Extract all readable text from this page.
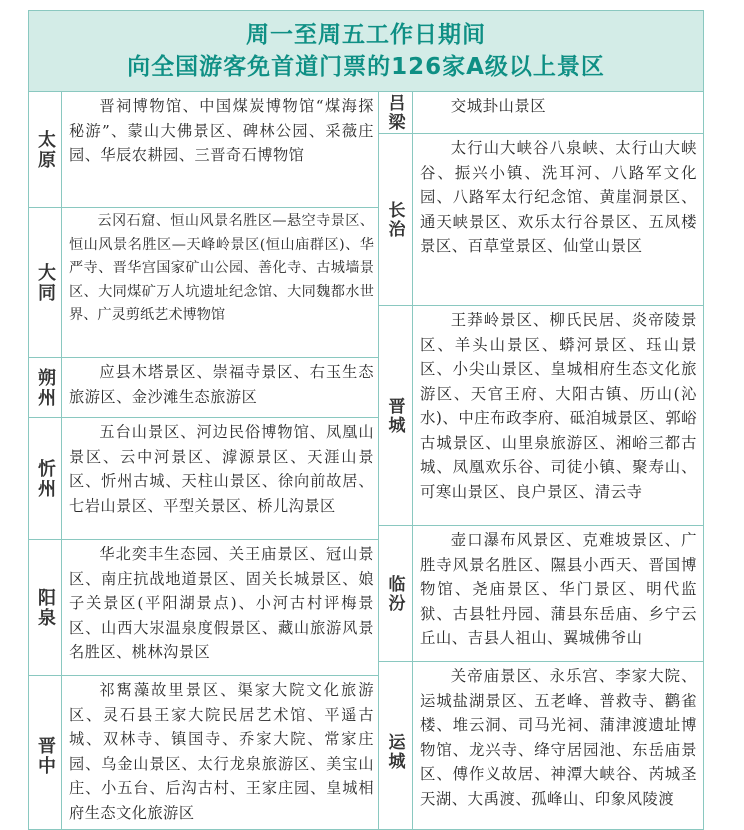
周一至周五工作日期间
向全国游客免首道门票的126家A级以上景区
太原
晋祠博物馆、中国煤炭博物馆“煤海探秘游”、蒙山大佛景区、碑林公园、采薇庄园、华辰农耕园、三晋奇石博物馆
大同
云冈石窟、恒山风景名胜区—悬空寺景区、恒山风景名胜区—天峰岭景区(恒山庙群区)、华严寺、晋华宫国家矿山公园、善化寺、古城墙景区、大同煤矿万人坑遗址纪念馆、大同魏都水世界、广灵剪纸艺术博物馆
朔州	应县木塔景区、崇福寺景区、右玉生态旅游区、金沙滩生态旅游区
忻州
五台山景区、河边民俗博物馆、凤凰山景区、云中河景区、滹源景区、天涯山景区、忻州古城、天柱山景区、徐向前故居、七岩山景区、平型关景区、桥儿沟景区
阳泉
华北奕丰生态园、关王庙景区、冠山景区、南庄抗战地道景区、固关长城景区、娘子关景区(平阳湖景点)、小河古村评梅景区、山西大汖温泉度假景区、藏山旅游风景名胜区、桃林沟景区
晋中
祁寯藻故里景区、渠家大院文化旅游区、灵石县王家大院民居艺术馆、平遥古城、双林寺、镇国寺、乔家大院、常家庄园、乌金山景区、太行龙泉旅游区、美宝山庄、小五台、后沟古村、王家庄园、皇城相府生态文化旅游区
吕梁	交城卦山景区
长治
太行山大峡谷八泉峡、太行山大峡谷、振兴小镇、洗耳河、八路军文化园、八路军太行纪念馆、黄崖洞景区、通天峡景区、欢乐太行谷景区、五凤楼景区、百草堂景区、仙堂山景区
晋城
王莽岭景区、柳氏民居、炎帝陵景区、羊头山景区、蟒河景区、珏山景区、小尖山景区、皇城相府生态文化旅游区、天官王府、大阳古镇、历山(沁水)、中庄布政李府、砥洎城景区、郭峪古城景区、山里泉旅游区、湘峪三都古城、凤凰欢乐谷、司徒小镇、聚寿山、可寒山景区、良户景区、清云寺
临汾
壶口瀑布风景区、克难坡景区、广胜寺风景名胜区、隰县小西天、晋国博物馆、尧庙景区、华门景区、明代监狱、古县牡丹园、蒲县东岳庙、乡宁云丘山、吉县人祖山、翼城佛爷山
运城
关帝庙景区、永乐宫、李家大院、运城盐湖景区、五老峰、普救寺、鹳雀楼、堆云洞、司马光祠、蒲津渡遗址博物馆、龙兴寺、绛守居园池、东岳庙景区、傅作义故居、神潭大峡谷、芮城圣天湖、大禹渡、孤峰山、印象风陵渡
